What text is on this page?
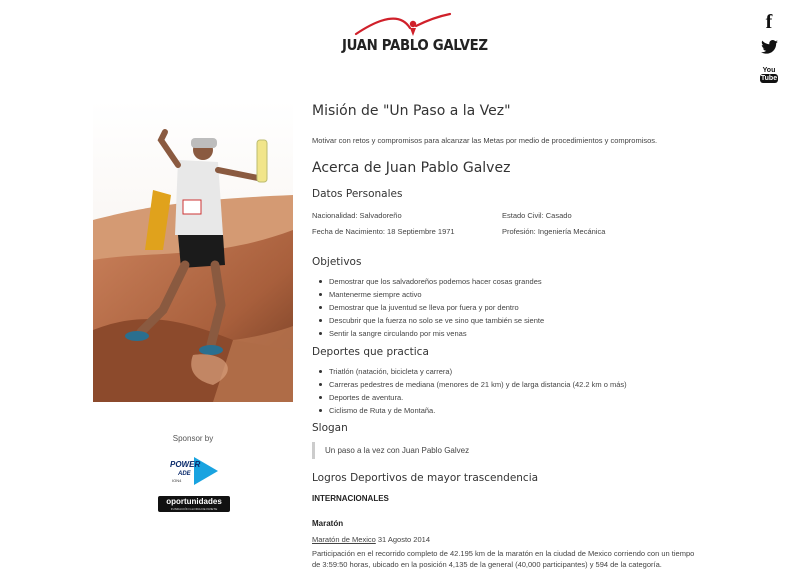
JUAN PABLO GALVEZ
f
You
Tube
Sponsor by
POWER
ADE
ION4
oportunidades
FUNDACIÓN GLORIA DE KRIETE
Misión de "Un Paso a la Vez"

Motivar con retos y compromisos para alcanzar las Metas por medio de procedimientos y compromisos.

Acerca de Juan Pablo Galvez
Datos Personales
Nacionalidad: Salvadoreño	Estado Civil: Casado
Fecha de Nacimiento: 18 Septiembre 1971	Profesión: Ingeniería Mecánica
Objetivos
Demostrar que los salvadoreños podemos hacer cosas grandes
Mantenerme siempre activo
Demostrar que la juventud se lleva por fuera y por dentro
Descubrir que la fuerza no solo se ve sino que también se siente
Sentir la sangre circulando por mis venas
Deportes que practica
Triatlón (natación, bicicleta y carrera)
Carreras pedestres de mediana (menores de 21 km) y de larga distancia (42.2 km o más)
Deportes de aventura.
Ciclismo de Ruta y de Montaña.
Slogan
Un paso a la vez con Juan Pablo Galvez
Logros Deportivos de mayor trascendencia
INTERNACIONALES
Maratón

Maratón de Mexico 31 Agosto 2014

Participación en el recorrido completo de 42.195 km de la maratón en la ciudad de Mexico corriendo con un tiempo de 3:59:50 horas, ubicado en la posición 4,135 de la general (40,000 participantes) y 594 de la categoría.
